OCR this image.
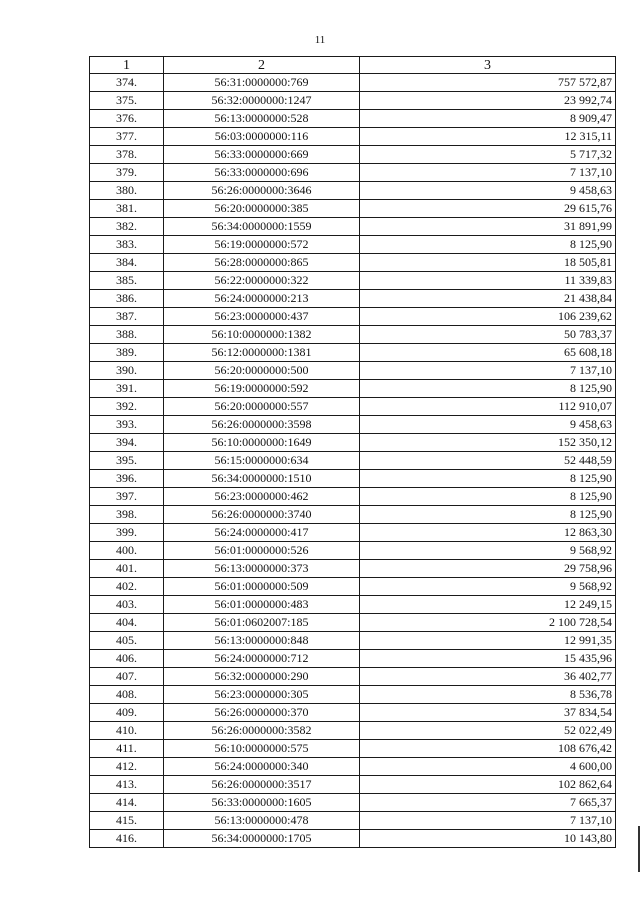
11
1	2	3
374.	56:31:0000000:769	757 572,87
375.	56:32:0000000:1247	23 992,74
376.	56:13:0000000:528	8 909,47
377.	56:03:0000000:116	12 315,11
378.	56:33:0000000:669	5 717,32
379.	56:33:0000000:696	7 137,10
380.	56:26:0000000:3646	9 458,63
381.	56:20:0000000:385	29 615,76
382.	56:34:0000000:1559	31 891,99
383.	56:19:0000000:572	8 125,90
384.	56:28:0000000:865	18 505,81
385.	56:22:0000000:322	11 339,83
386.	56:24:0000000:213	21 438,84
387.	56:23:0000000:437	106 239,62
388.	56:10:0000000:1382	50 783,37
389.	56:12:0000000:1381	65 608,18
390.	56:20:0000000:500	7 137,10
391.	56:19:0000000:592	8 125,90
392.	56:20:0000000:557	112 910,07
393.	56:26:0000000:3598	9 458,63
394.	56:10:0000000:1649	152 350,12
395.	56:15:0000000:634	52 448,59
396.	56:34:0000000:1510	8 125,90
397.	56:23:0000000:462	8 125,90
398.	56:26:0000000:3740	8 125,90
399.	56:24:0000000:417	12 863,30
400.	56:01:0000000:526	9 568,92
401.	56:13:0000000:373	29 758,96
402.	56:01:0000000:509	9 568,92
403.	56:01:0000000:483	12 249,15
404.	56:01:0602007:185	2 100 728,54
405.	56:13:0000000:848	12 991,35
406.	56:24:0000000:712	15 435,96
407.	56:32:0000000:290	36 402,77
408.	56:23:0000000:305	8 536,78
409.	56:26:0000000:370	37 834,54
410.	56:26:0000000:3582	52 022,49
411.	56:10:0000000:575	108 676,42
412.	56:24:0000000:340	4 600,00
413.	56:26:0000000:3517	102 862,64
414.	56:33:0000000:1605	7 665,37
415.	56:13:0000000:478	7 137,10
416.	56:34:0000000:1705	10 143,80
